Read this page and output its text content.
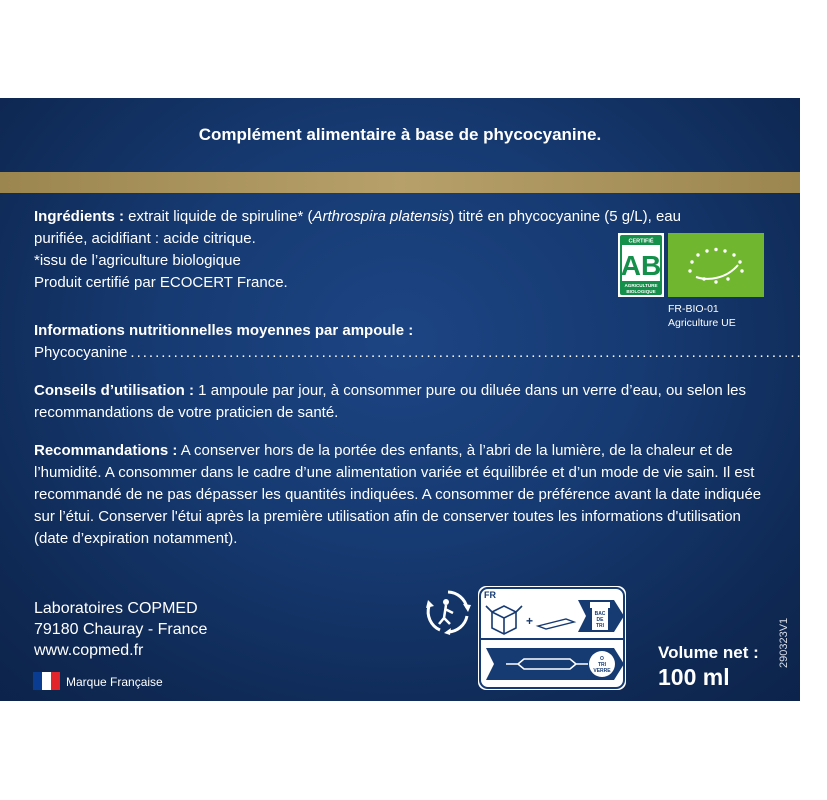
Complément alimentaire à base de phycocyanine.
Ingrédients : extrait liquide de spiruline* (Arthrospira platensis) titré en phycocyanine (5 g/L), eau
purifiée, acidifiant : acide citrique.
*issu de l’agriculture biologique
Produit certifié par ECOCERT France.
CERTIFIÉ
AB
AGRICULTURE
BIOLOGIQUE
FR-BIO-01
Agriculture UE
Informations nutritionnelles moyennes par ampoule :
Phycocyanine ............................................................................................................. 50 mg
Conseils d’utilisation : 1 ampoule par jour, à consommer pure ou diluée dans un verre d’eau, ou selon les recommandations de votre praticien de santé.
Recommandations : A conserver hors de la portée des enfants, à l’abri de la lumière, de la chaleur et de l’humidité. A consommer dans le cadre d’une alimentation variée et équilibrée et d’un mode de vie sain. Il est recommandé de ne pas dépasser les quantités indiquées. A consommer de préférence avant la date indiquée sur l’étui. Conserver l'étui après la première utilisation afin de conserver toutes les informations d'utilisation (date d’expiration notamment).
Laboratoires COPMED
79180 Chauray - France
www.copmed.fr
Marque Française
FR
+	BAC
DE
TRI
O
TRI
VERRE
Volume net :
100 ml
290323V1
